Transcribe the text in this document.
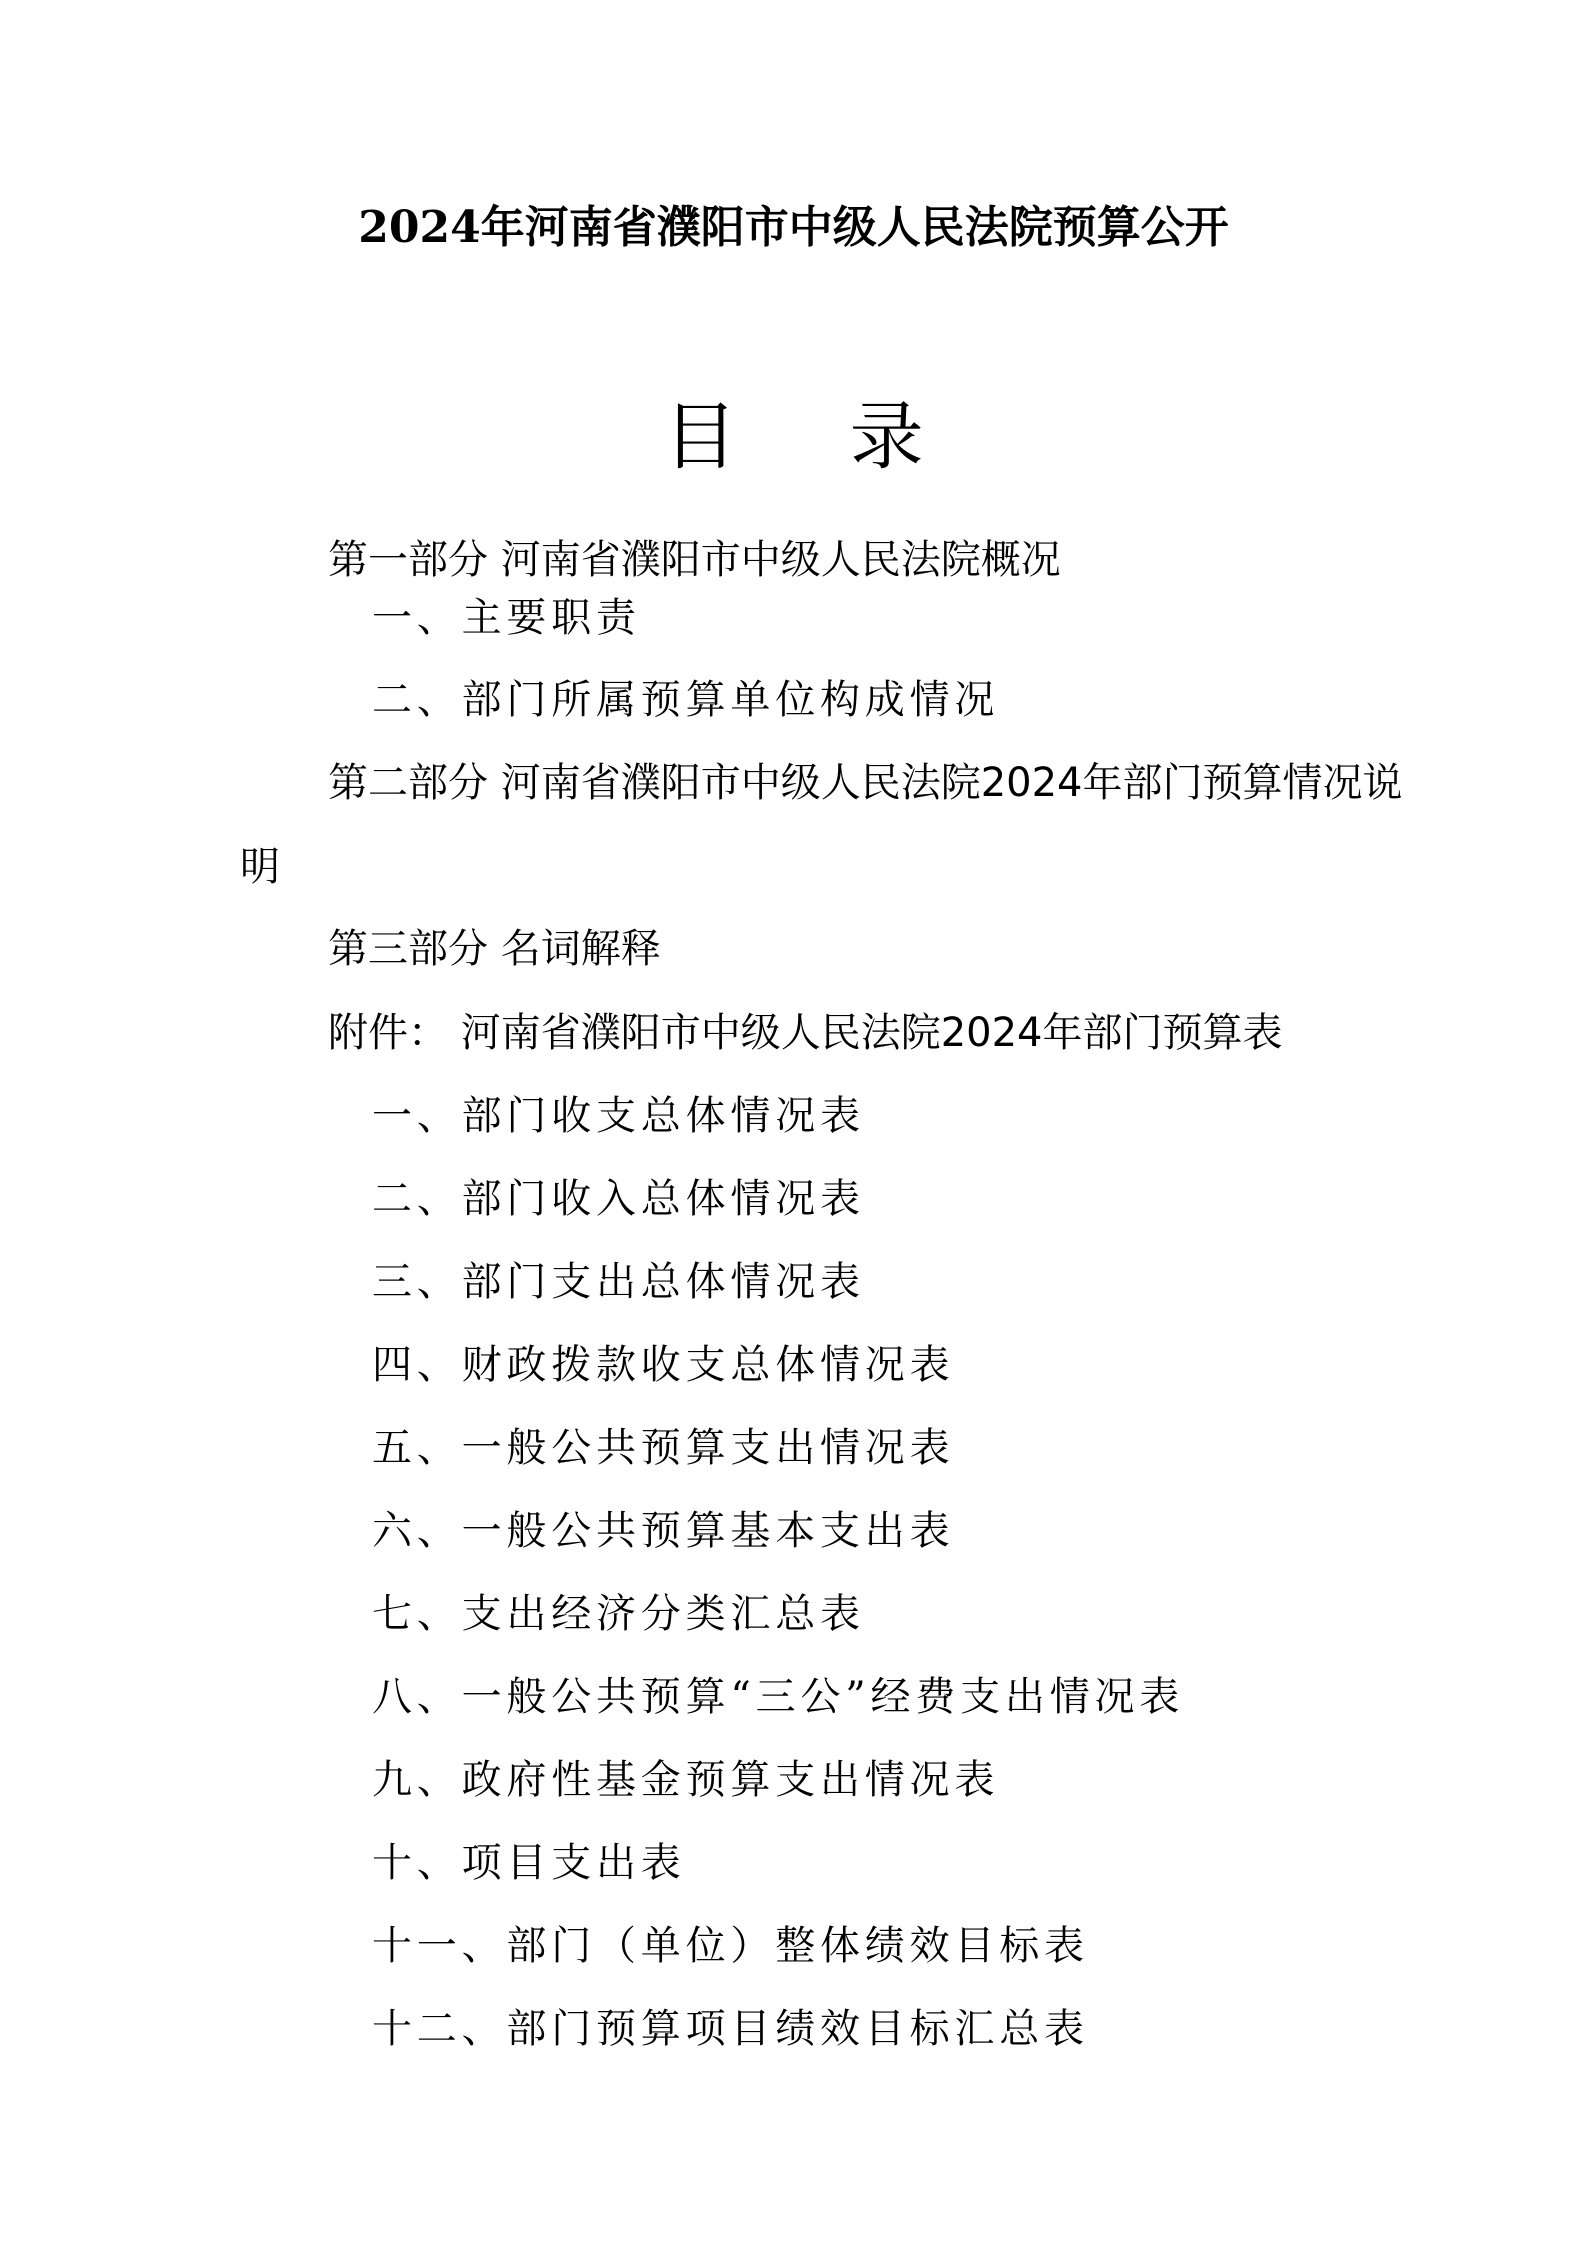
2024年河南省濮阳市中级人民法院预算公开
目 录
第一部分 河南省濮阳市中级人民法院概况
一、主要职责
二、部门所属预算单位构成情况
第二部分 河南省濮阳市中级人民法院2024年部门预算情况说
明
第三部分 名词解释
附件： 河南省濮阳市中级人民法院2024年部门预算表
一、部门收支总体情况表
二、部门收入总体情况表
三、部门支出总体情况表
四、财政拨款收支总体情况表
五、一般公共预算支出情况表
六、一般公共预算基本支出表
七、支出经济分类汇总表
八、一般公共预算“三公”经费支出情况表
九、政府性基金预算支出情况表
十、项目支出表
十一、部门（单位）整体绩效目标表
十二、部门预算项目绩效目标汇总表
